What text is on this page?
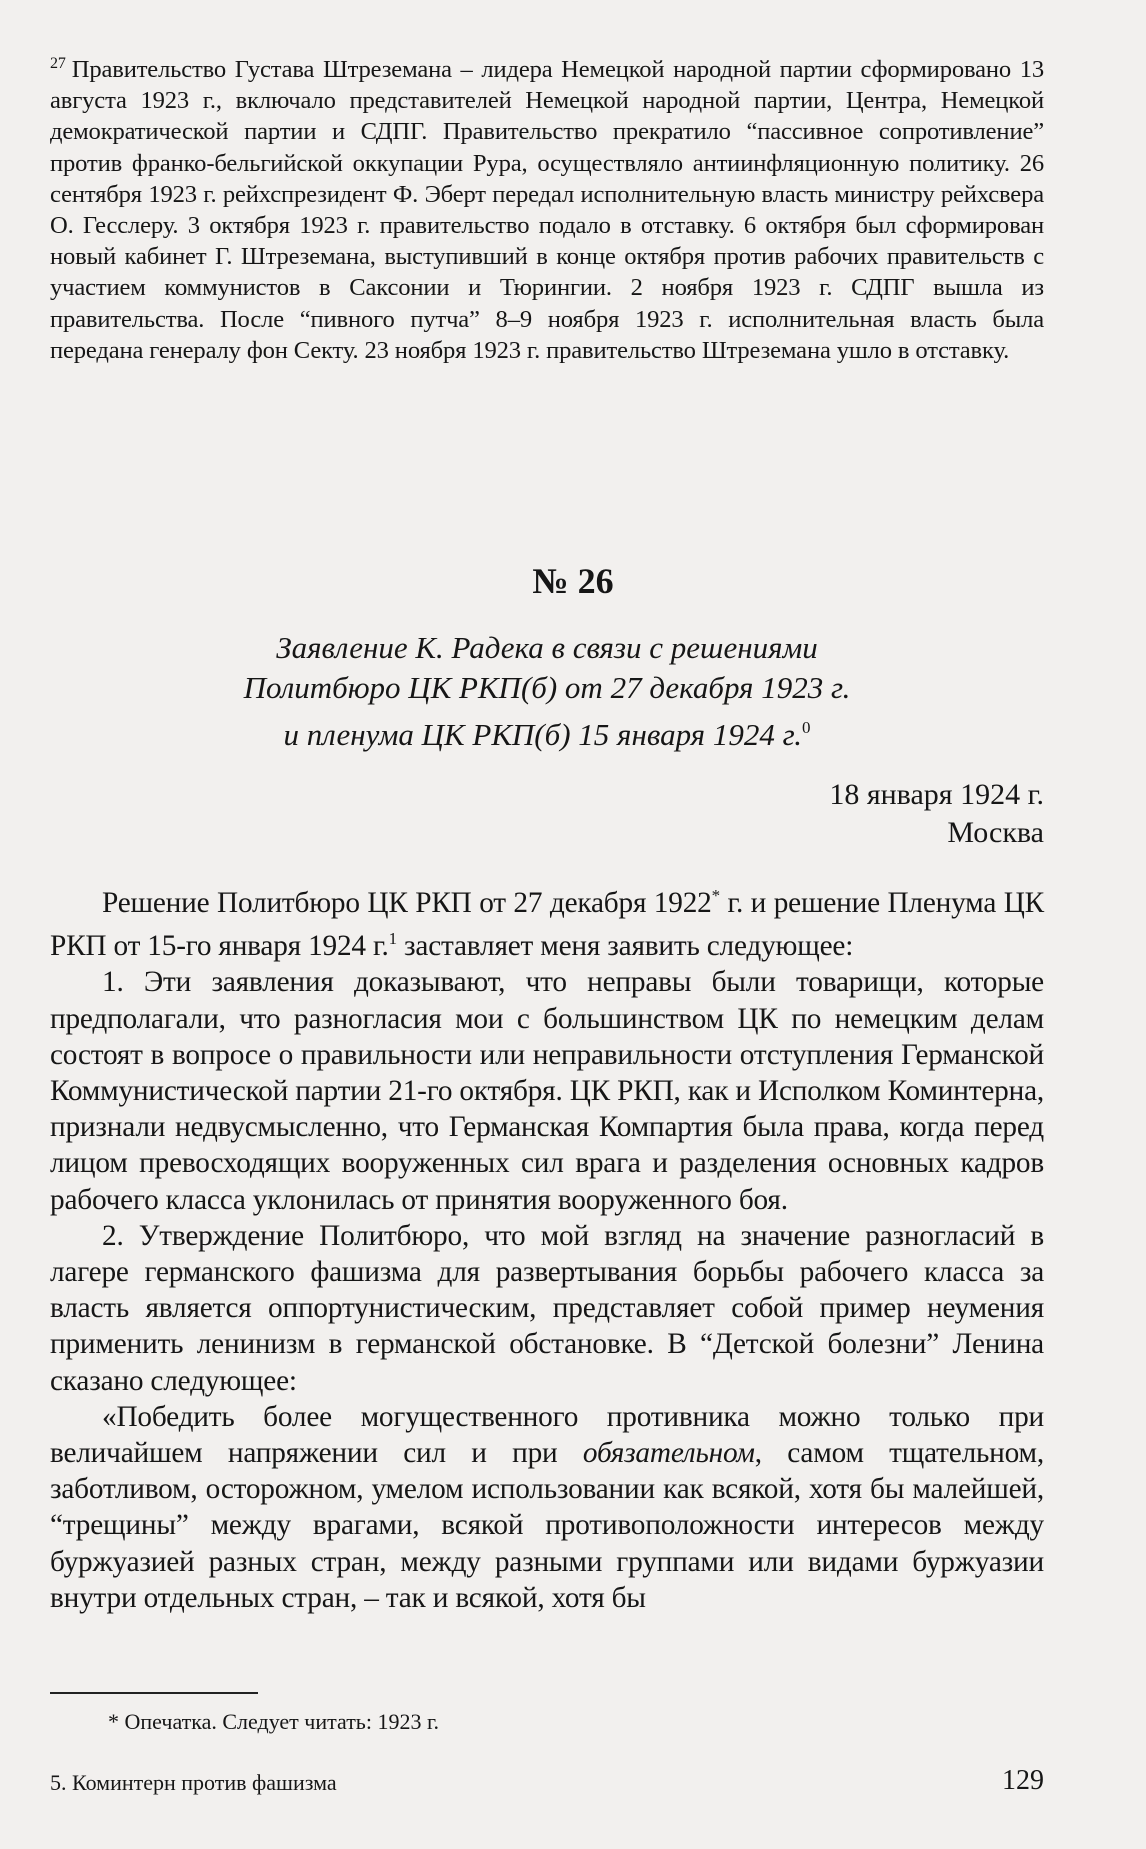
$^{27}$ Правительство Густава Штреземана – лидера Немецкой народной партии сформировано 13 августа 1923 г., включало представителей Немецкой народной партии, Центра, Немецкой демократической партии и СДПГ. Правительство прекратило “пассивное сопротивление” против франко-бельгийской оккупации Рура, осуществляло антиинфляционную политику. 26 сентября 1923 г. рейхспрезидент Ф. Эберт передал исполнительную власть министру рейхсвера О. Гесслеру. 3 октября 1923 г. правительство подало в отставку. 6 октября был сформирован новый кабинет Г. Штреземана, выступивший в конце октября против рабочих правительств с участием коммунистов в Саксонии и Тюрингии. 2 ноября 1923 г. СДПГ вышла из правительства. После “пивного путча” 8–9 ноября 1923 г. исполнительная власть была передана генералу фон Секту. 23 ноября 1923 г. правительство Штреземана ушло в отставку.
№ 26
Заявление К. Радека в связи с решениями
Политбюро ЦК РКП(б) от 27 декабря 1923 г.
и пленума ЦК РКП(б) 15 января 1924 г.$^0$
18 января 1924 г.
Москва

Решение Политбюро ЦК РКП от 27 декабря 1922* г. и решение Пленума ЦК РКП от 15-го января 1924 г.$^1$ заставляет меня заявить следующее:

1. Эти заявления доказывают, что неправы были товарищи, которые предполагали, что разногласия мои с большинством ЦК по немецким делам состоят в вопросе о правильности или неправильности отступления Германской Коммунистической партии 21-го октября. ЦК РКП, как и Исполком Коминтерна, признали недвусмысленно, что Германская Компартия была права, когда перед лицом превосходящих вооруженных сил врага и разделения основных кадров рабочего класса уклонилась от принятия вооруженного боя.

2. Утверждение Политбюро, что мой взгляд на значение разногласий в лагере германского фашизма для развертывания борьбы рабочего класса за власть является оппортунистическим, представляет собой пример неумения применить ленинизм в германской обстановке. В “Детской болезни” Ленина сказано следующее:

«Победить более могущественного противника можно только при величайшем напряжении сил и при обязательном, самом тщательном, заботливом, осторожном, умелом использовании как всякой, хотя бы малейшей, “трещины” между врагами, всякой противоположности интересов между буржуазией разных стран, между разными группами или видами буржуазии внутри отдельных стран, – так и всякой, хотя бы

* Опечатка. Следует читать: 1923 г.
5. Коминтерн против фашизма	129
